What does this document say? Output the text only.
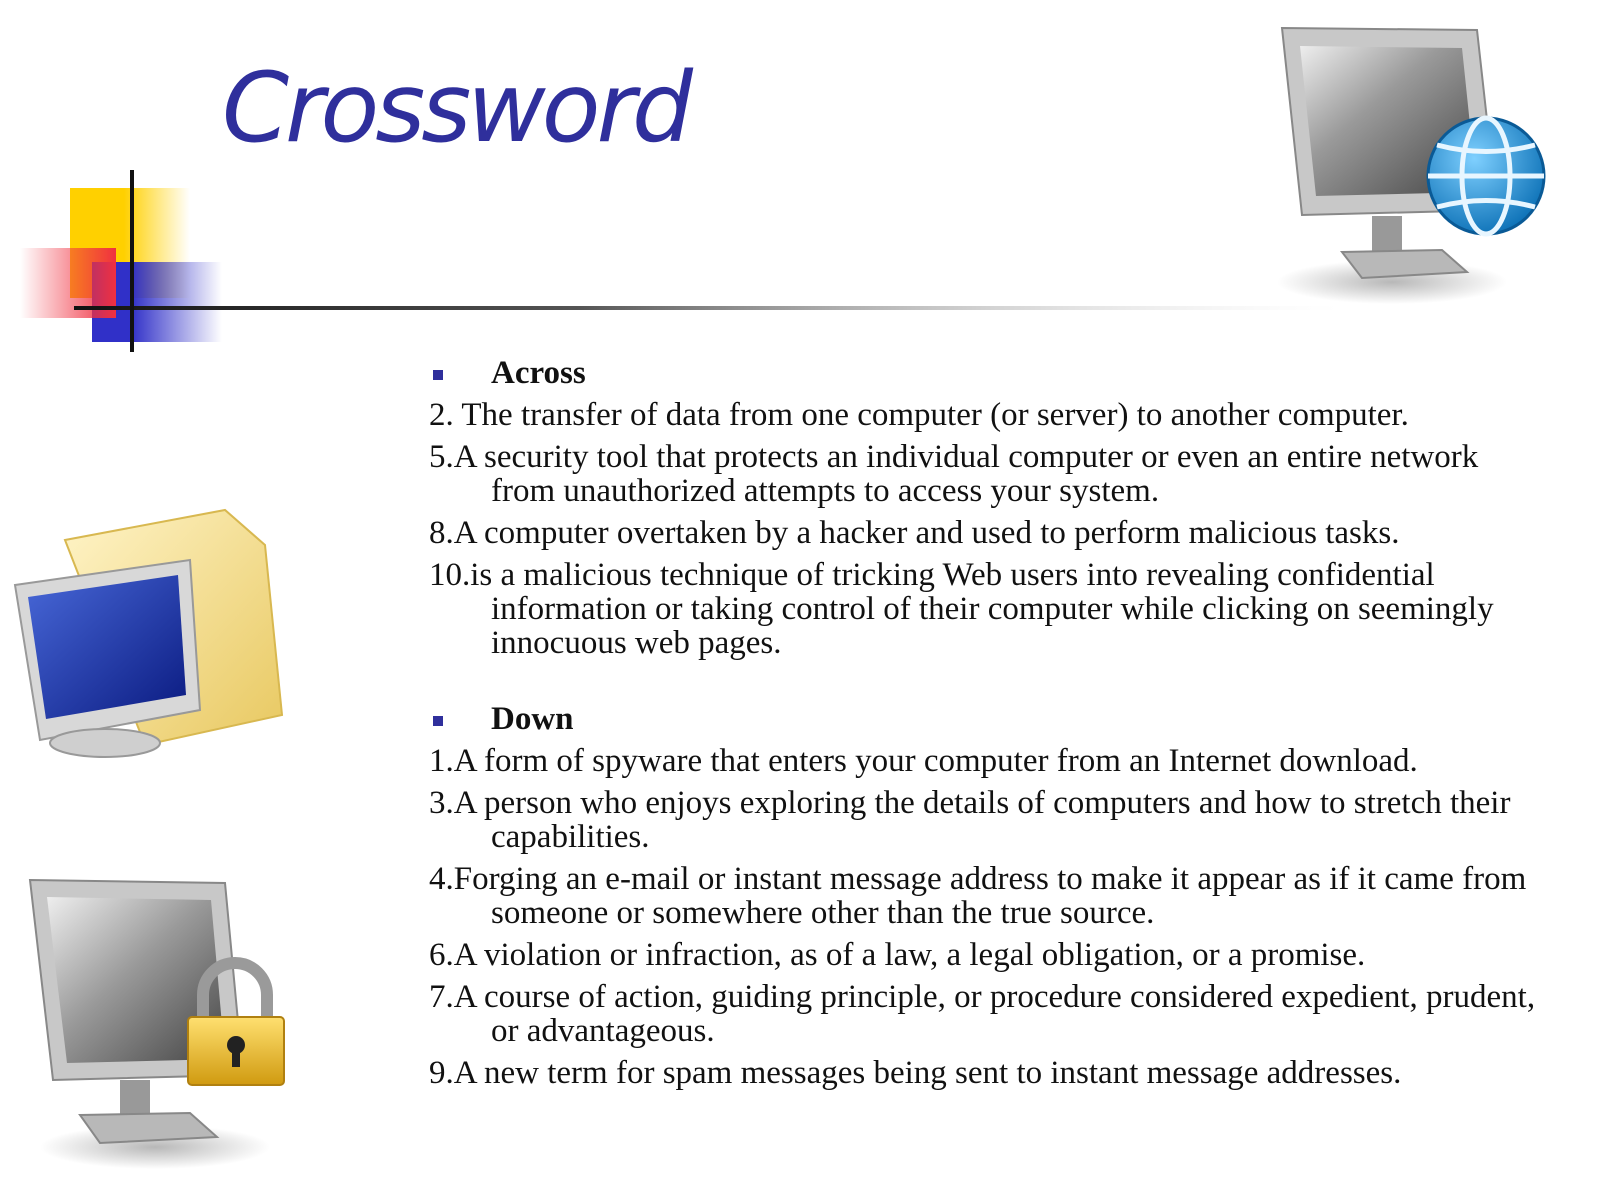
Crossword
Across
2. The transfer of data from one computer (or server) to another computer.
5.A security tool that protects an individual computer or even an entire network from unauthorized attempts to access your system.
8.A computer overtaken by a hacker and used to perform malicious tasks.
10.is a malicious technique of tricking Web users into revealing confidential information or taking control of their computer while clicking on seemingly innocuous web pages.
Down
1.A form of spyware that enters your computer from an Internet download.
3.A person who enjoys exploring the details of computers and how to stretch their capabilities.
4.Forging an e-mail or instant message address to make it appear as if it came from someone or somewhere other than the true source.
6.A violation or infraction, as of a law, a legal obligation, or a promise.
7.A course of action, guiding principle, or procedure considered expedient, prudent, or advantageous.
9.A new term for spam messages being sent to instant message addresses.
